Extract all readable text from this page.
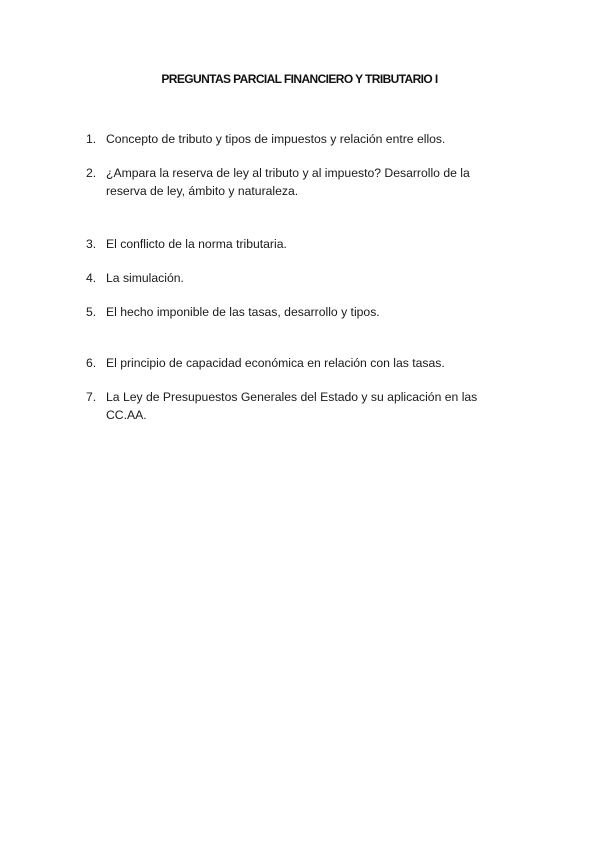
PREGUNTAS PARCIAL FINANCIERO Y TRIBUTARIO I
1. Concepto de tributo y tipos de impuestos y relación entre ellos.
2. ¿Ampara la reserva de ley al tributo y al impuesto? Desarrollo de la
reserva de ley, ámbito y naturaleza.
3. El conflicto de la norma tributaria.
4. La simulación.
5. El hecho imponible de las tasas, desarrollo y tipos.
6. El principio de capacidad económica en relación con las tasas.
7. La Ley de Presupuestos Generales del Estado y su aplicación en las
CC.AA.
